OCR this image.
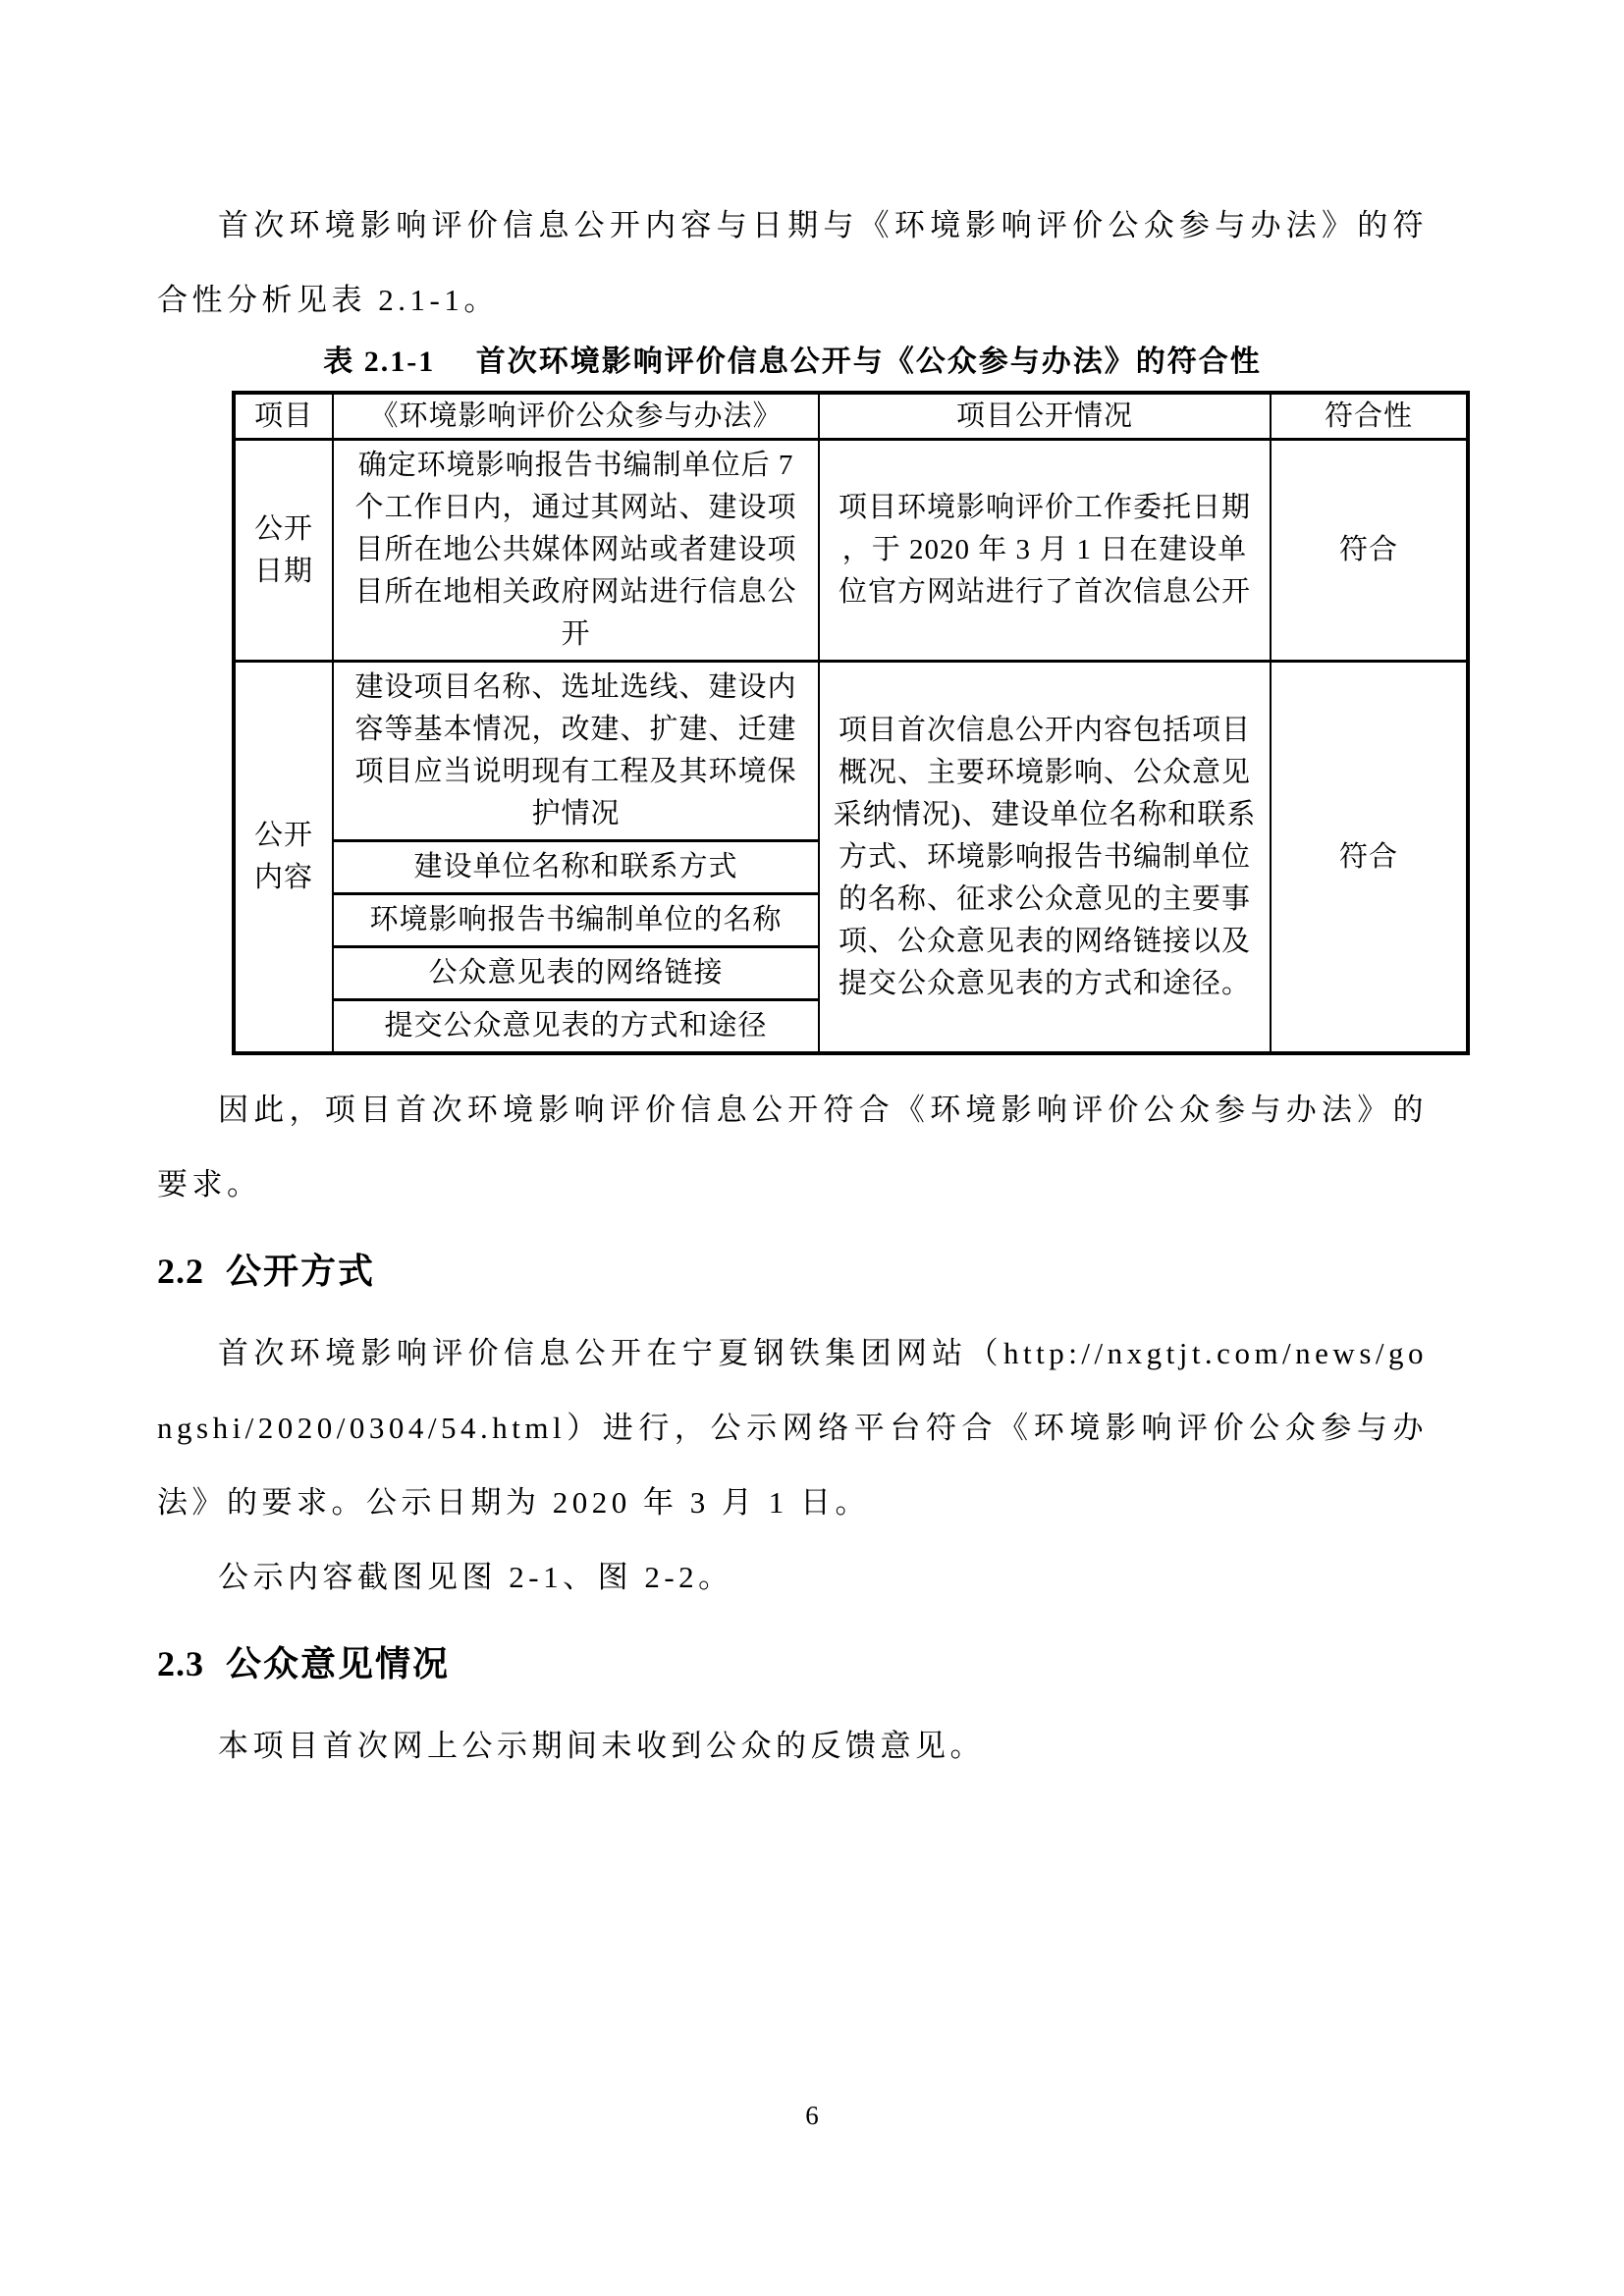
首次环境影响评价信息公开内容与日期与《环境影响评价公众参与办法》的符合性分析见表 2.1-1。

表 2.1-1　 首次环境影响评价信息公开与《公众参与办法》的符合性
项目	《环境影响评价公众参与办法》	项目公开情况	符合性
公开日期	确定环境影响报告书编制单位后 7 个工作日内，通过其网站、建设项目所在地公共媒体网站或者建设项目所在地相关政府网站进行信息公开	项目环境影响评价工作委托日期 ，于 2020 年 3 月 1 日在建设单位官方网站进行了首次信息公开	符合
公开内容	建设项目名称、选址选线、建设内容等基本情况，改建、扩建、迁建项目应当说明现有工程及其环境保护情况	项目首次信息公开内容包括项目概况、主要环境影响、公众意见采纳情况)、建设单位名称和联系方式、环境影响报告书编制单位的名称、征求公众意见的主要事项、公众意见表的网络链接以及提交公众意见表的方式和途径。	符合
	建设单位名称和联系方式		
	环境影响报告书编制单位的名称		
	公众意见表的网络链接		
	提交公众意见表的方式和途径		

因此，项目首次环境影响评价信息公开符合《环境影响评价公众参与办法》的要求。

2.2 公开方式

首次环境影响评价信息公开在宁夏钢铁集团网站（http://nxgtjt.com/news/gongshi/2020/0304/54.html）进行，公示网络平台符合《环境影响评价公众参与办法》的要求。公示日期为 2020 年 3 月 1 日。

公示内容截图见图 2-1、图 2-2。

2.3 公众意见情况

本项目首次网上公示期间未收到公众的反馈意见。

6
